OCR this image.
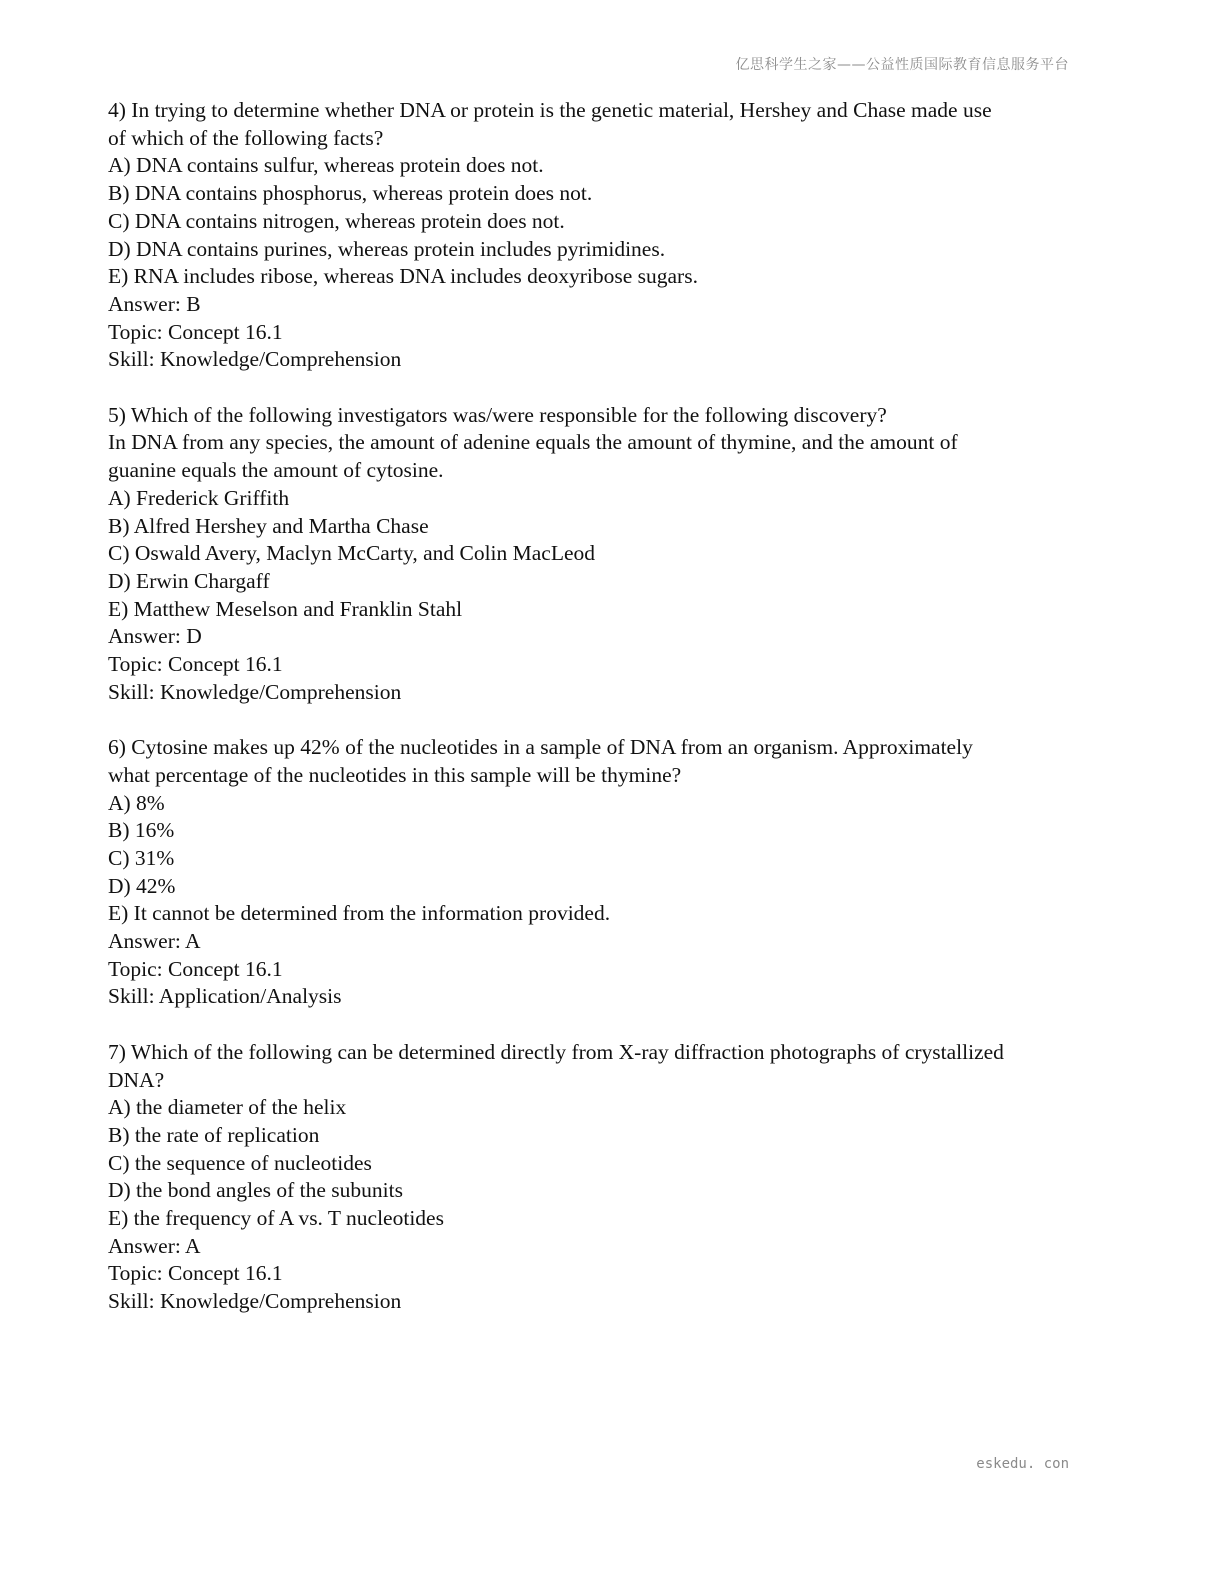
亿思科学生之家——公益性质国际教育信息服务平台
4) In trying to determine whether DNA or protein is the genetic material, Hershey and Chase made use
of which of the following facts?
A) DNA contains sulfur, whereas protein does not.
B) DNA contains phosphorus, whereas protein does not.
C) DNA contains nitrogen, whereas protein does not.
D) DNA contains purines, whereas protein includes pyrimidines.
E) RNA includes ribose, whereas DNA includes deoxyribose sugars.
Answer: B
Topic: Concept 16.1
Skill: Knowledge/Comprehension
5) Which of the following investigators was/were responsible for the following discovery?
In DNA from any species, the amount of adenine equals the amount of thymine, and the amount of
guanine equals the amount of cytosine.
A) Frederick Griffith
B) Alfred Hershey and Martha Chase
C) Oswald Avery, Maclyn McCarty, and Colin MacLeod
D) Erwin Chargaff
E) Matthew Meselson and Franklin Stahl
Answer: D
Topic: Concept 16.1
Skill: Knowledge/Comprehension
6) Cytosine makes up 42% of the nucleotides in a sample of DNA from an organism. Approximately
what percentage of the nucleotides in this sample will be thymine?
A) 8%
B) 16%
C) 31%
D) 42%
E) It cannot be determined from the information provided.
Answer: A
Topic: Concept 16.1
Skill: Application/Analysis
7) Which of the following can be determined directly from X-ray diffraction photographs of crystallized
DNA?
A) the diameter of the helix
B) the rate of replication
C) the sequence of nucleotides
D) the bond angles of the subunits
E) the frequency of A vs. T nucleotides
Answer: A
Topic: Concept 16.1
Skill: Knowledge/Comprehension
eskedu. con
